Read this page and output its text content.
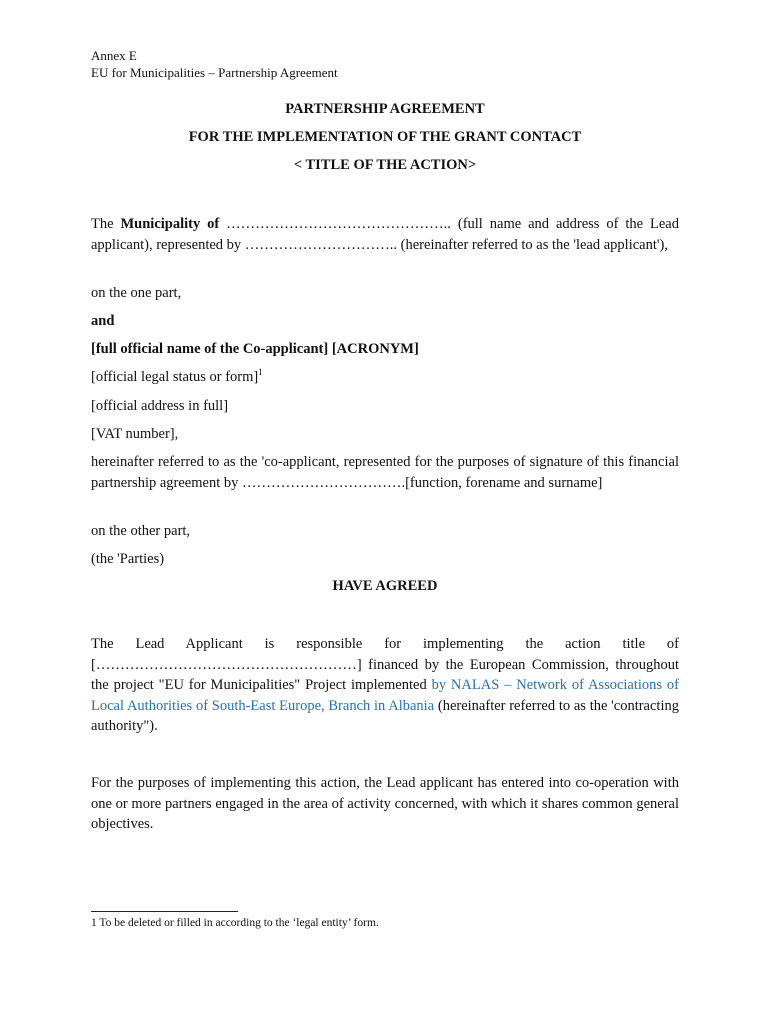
Annex E
EU for Municipalities – Partnership Agreement
PARTNERSHIP AGREEMENT
FOR THE IMPLEMENTATION OF THE GRANT CONTACT
< TITLE OF THE ACTION>
The Municipality of ……………………………………….. (full name and address of the Lead applicant), represented by ………………………….. (hereinafter referred to as the 'lead applicant'),
on the one part,
and
[full official name of the Co-applicant] [ACRONYM]
[official legal status or form]$^1$
[official address in full]
[VAT number],
hereinafter referred to as the 'co-applicant, represented for the purposes of signature of this financial partnership agreement by …………………………….[function, forename and surname]
on the other part,
(the 'Parties)
HAVE AGREED
The Lead Applicant is responsible for implementing the action title of [………………………………………………] financed by the European Commission, throughout the project "EU for Municipalities" Project implemented by NALAS – Network of Associations of Local Authorities of South-East Europe, Branch in Albania (hereinafter referred to as the 'contracting authority").
For the purposes of implementing this action, the Lead applicant has entered into co-operation with one or more partners engaged in the area of activity concerned, with which it shares common general objectives.
1 To be deleted or filled in according to the ‘legal entity’ form.
